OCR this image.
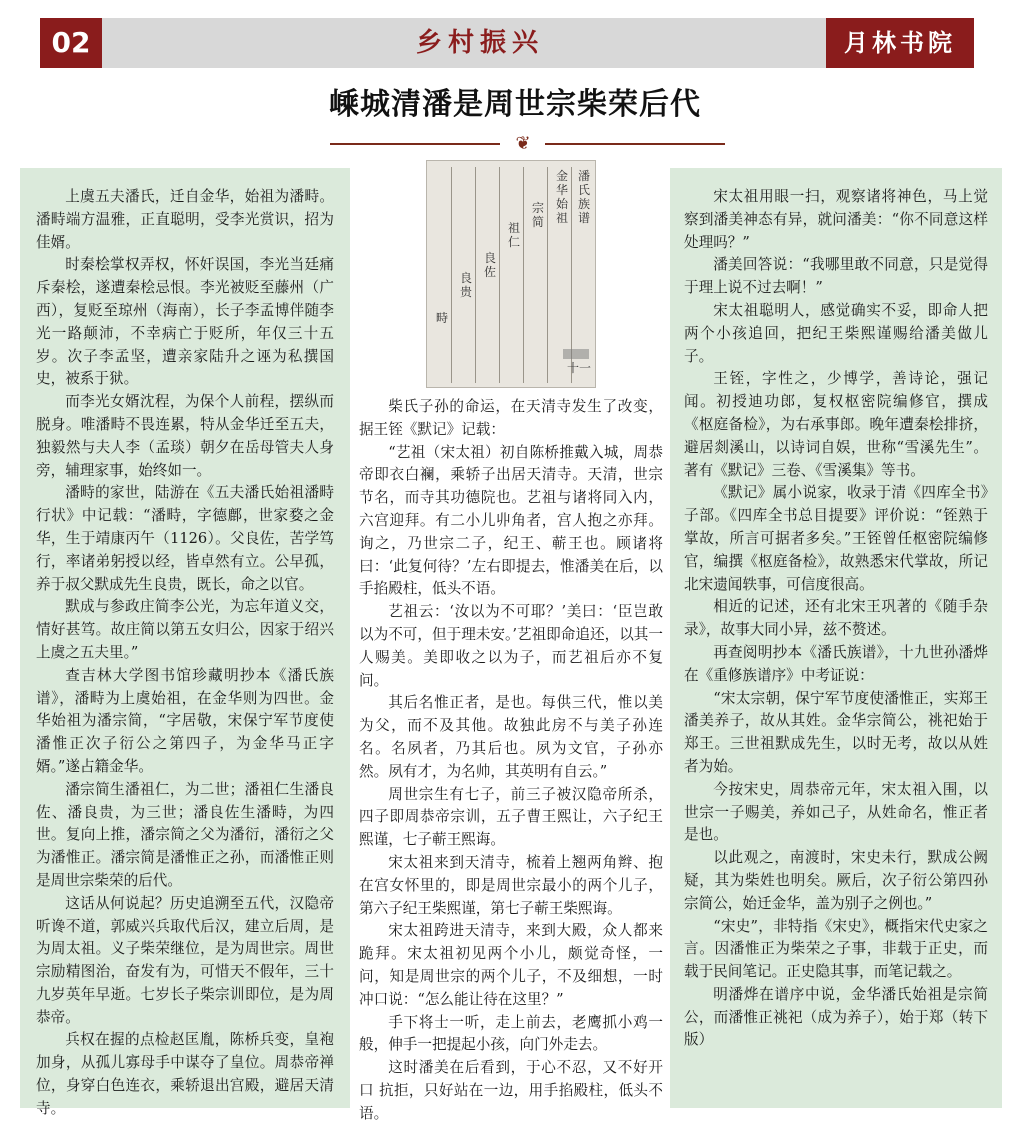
02	乡村振兴	月林书院
嵊城清潘是周世宗柴荣后代
❦

上虞五夫潘氏，迁自金华，始祖为潘畤。潘畤端方温雅，正直聪明，受李光赏识，招为佳婿。

时秦桧掌权弄权，怀奸误国，李光当廷痛斥秦桧，遂遭秦桧忌恨。李光被贬至藤州（广西），复贬至琼州（海南），长子李孟博伴随李光一路颠沛，不幸病亡于贬所，年仅三十五岁。次子李孟坚，遭亲家陆升之诬为私撰国史，被系于狱。

而李光女婿沈程，为保个人前程，摆纵而脱身。唯潘畤不畏连累，特从金华迁至五夫，独毅然与夫人李（孟琰）朝夕在岳母管夫人身旁，辅理家事，始终如一。

潘畤的家世，陆游在《五夫潘氏始祖潘畤行状》中记载：“潘畤，字德鄜，世家婺之金华，生于靖康丙午（1126）。父良佐，苦学笃行，率诸弟躬授以经，皆卓然有立。公早孤，养于叔父默成先生良贵，既长，命之以官。

默成与参政庄简李公光，为忘年道义交，情好甚笃。故庄简以第五女归公，因家于绍兴上虞之五夫里。”

查吉林大学图书馆珍藏明抄本《潘氏族谱》，潘畤为上虞始祖，在金华则为四世。金华始祖为潘宗简，“字居敬，宋保宁军节度使潘惟正次子衍公之第四子，为金华马正字婿。”遂占籍金华。

潘宗简生潘祖仁，为二世；潘祖仁生潘良佐、潘良贵，为三世；潘良佐生潘畤，为四世。复向上推，潘宗简之父为潘衍，潘衍之父为潘惟正。潘宗简是潘惟正之孙，而潘惟正则是周世宗柴荣的后代。

这话从何说起？历史追溯至五代，汉隐帝听谗不道，郭威兴兵取代后汉，建立后周，是为周太祖。义子柴荣继位，是为周世宗。周世宗励精图治，奋发有为，可惜天不假年，三十九岁英年早逝。七岁长子柴宗训即位，是为周恭帝。

兵权在握的点检赵匡胤，陈桥兵变，皇袍加身，从孤儿寡母手中谋夺了皇位。周恭帝禅位，身穿白色连衣，乘轿退出宫殿，避居天清寺。

潘氏族谱
金华始祖
宗简
祖仁
良佐
良贵
畤
十一

柴氏子孙的命运，在天清寺发生了改变，据王铚《默记》记载：

“艺祖（宋太祖）初自陈桥推戴入城，周恭帝即衣白襕，乘轿子出居天清寺。天清，世宗节名，而寺其功德院也。艺祖与诸将同入内，六宫迎拜。有二小儿丱角者，宫人抱之亦拜。询之，乃世宗二子，纪王、蕲王也。顾诸将曰：‘此复何待？’左右即提去，惟潘美在后，以手掐殿柱，低头不语。

艺祖云：‘汝以为不可耶？’美曰：‘臣岂敢以为不可，但于理未安。’艺祖即命追还，以其一人赐美。美即收之以为子，而艺祖后亦不复问。

其后名惟正者，是也。每供三代，惟以美为父，而不及其他。故独此房不与美子孙连名。名夙者，乃其后也。夙为文官，子孙亦然。夙有才，为名帅，其英明有自云。”

周世宗生有七子，前三子被汉隐帝所杀，四子即周恭帝宗训，五子曹王熙让，六子纪王熙谨，七子蕲王熙诲。

宋太祖来到天清寺，梳着上翘两角辫、抱在宫女怀里的，即是周世宗最小的两个儿子，第六子纪王柴熙谨，第七子蕲王柴熙诲。

宋太祖跨进天清寺，来到大殿，众人都来跪拜。宋太祖初见两个小儿，颇觉奇怪，一问，知是周世宗的两个儿子，不及细想，一时冲口说：“怎么能让待在这里？”

手下将士一听，走上前去，老鹰抓小鸡一般，伸手一把提起小孩，向门外走去。

这时潘美在后看到，于心不忍，又不好开口 抗拒，只好站在一边，用手掐殿柱，低头不语。

宋太祖用眼一扫，观察诸将神色，马上觉察到潘美神态有异，就问潘美：“你不同意这样处理吗？”

潘美回答说：“我哪里敢不同意，只是觉得于理上说不过去啊！”

宋太祖聪明人，感觉确实不妥，即命人把两个小孩追回，把纪王柴熙谨赐给潘美做儿子。

王铚，字性之，少博学，善诗论，强记闻。初授迪功郎，复权枢密院编修官，撰成《枢庭备检》，为右承事郎。晚年遭秦桧排挤，避居剡溪山，以诗词自娱，世称“雪溪先生”。著有《默记》三卷、《雪溪集》等书。

《默记》属小说家，收录于清《四库全书》子部。《四库全书总目提要》评价说：“铚熟于掌故，所言可据者多矣。”王铚曾任枢密院编修官，编撰《枢庭备检》，故熟悉宋代掌故，所记北宋遗闻轶事，可信度很高。

相近的记述，还有北宋王巩著的《随手杂录》，故事大同小异，兹不赘述。

再查阅明抄本《潘氏族谱》，十九世孙潘烨在《重修族谱序》中考证说：

“宋太宗朝，保宁军节度使潘惟正，实郑王潘美养子，故从其姓。金华宗简公，祧祀始于郑王。三世祖默成先生，以时无考，故以从姓者为始。

今按宋史，周恭帝元年，宋太祖入围，以世宗一子赐美，养如己子，从姓命名，惟正者是也。

以此观之，南渡时，宋史未行，默成公阙疑，其为柴姓也明矣。厥后，次子衍公第四孙宗简公，始迁金华，盖为别子之例也。”

“宋史”，非特指《宋史》，概指宋代史家之言。因潘惟正为柴荣之子事，非载于正史，而载于民间笔记。正史隐其事，而笔记载之。

明潘烨在谱序中说，金华潘氏始祖是宗简公，而潘惟正祧祀（成为养子），始于郑（转下版）
